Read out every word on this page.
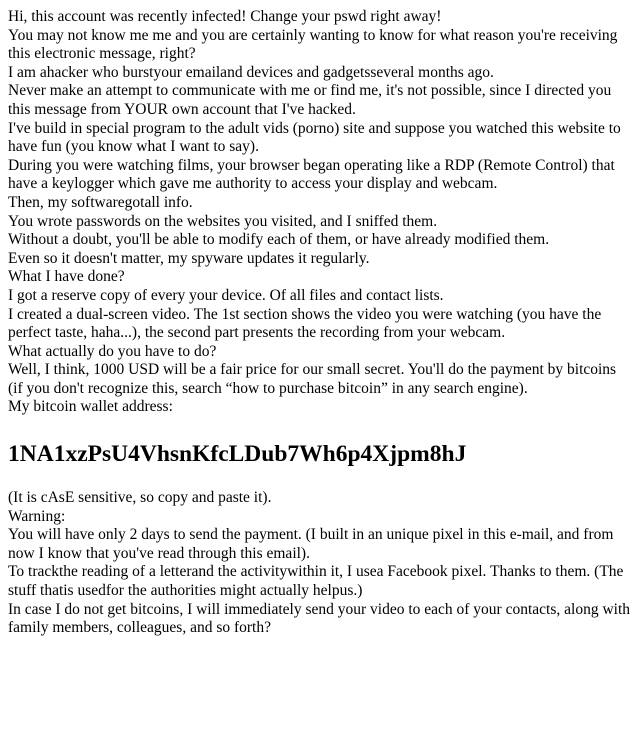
Hi, this account was recently infected! Change your pswd right away!

You may not know me me and you are certainly wanting to know for what reason you're receiving this electronic message, right?

I am ahacker who burstyour emailand devices and gadgetsseveral months ago.

Never make an attempt to communicate with me or find me, it's not possible, since I directed you this message from YOUR own account that I've hacked.

I've build in special program to the adult vids (porno) site and suppose you watched this website to have fun (you know what I want to say).

During you were watching films, your browser began operating like a RDP (Remote Control) that have a keylogger which gave me authority to access your display and webcam.

Then, my softwaregotall info.

You wrote passwords on the websites you visited, and I sniffed them.

Without a doubt, you'll be able to modify each of them, or have already modified them.

Even so it doesn't matter, my spyware updates it regularly.

What I have done?

I got a reserve copy of every your device. Of all files and contact lists.

I created a dual-screen video. The 1st section shows the video you were watching (you have the perfect taste, haha...), the second part presents the recording from your webcam.

What actually do you have to do?

Well, I think, 1000 USD will be a fair price for our small secret. You'll do the payment by bitcoins (if you don't recognize this, search “how to purchase bitcoin” in any search engine).

My bitcoin wallet address:

1NA1xzPsU4VhsnKfcLDub7Wh6p4Xjpm8hJ

(It is cAsE sensitive, so copy and paste it).

Warning:

You will have only 2 days to send the payment. (I built in an unique pixel in this e-mail, and from now I know that you've read through this email).

To trackthe reading of a letterand the activitywithin it, I usea Facebook pixel. Thanks to them. (The stuff thatis usedfor the authorities might actually helpus.)

In case I do not get bitcoins, I will immediately send your video to each of your contacts, along with family members, colleagues, and so forth?
